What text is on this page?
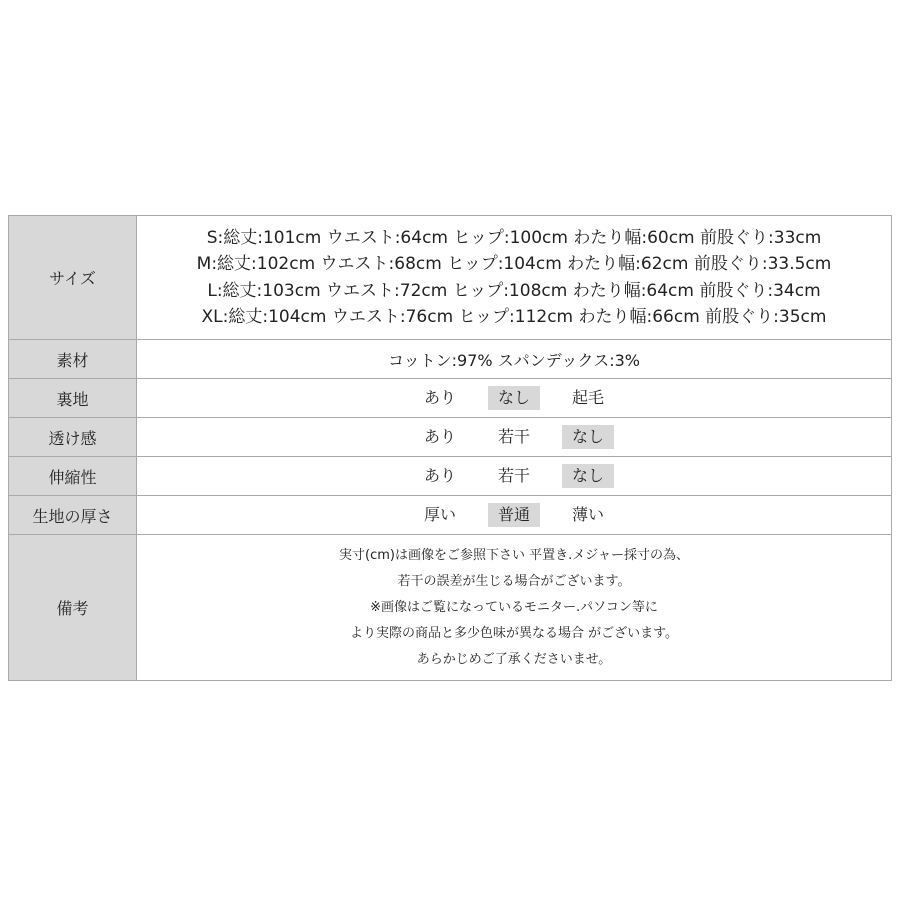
サイズ	S:総丈:101cm ウエスト:64cm ヒップ:100cm わたり幅:60cm 前股ぐり:33cm
M:総丈:102cm ウエスト:68cm ヒップ:104cm わたり幅:62cm 前股ぐり:33.5cm
L:総丈:103cm ウエスト:72cm ヒップ:108cm わたり幅:64cm 前股ぐり:34cm
XL:総丈:104cm ウエスト:76cm ヒップ:112cm わたり幅:66cm 前股ぐり:35cm

素材	コットン:97% スパンデックス:3%
裏地	あり なし 起毛

透け感	あり 若干 なし

伸縮性	あり 若干 なし

生地の厚さ	厚い 普通 薄い

備考	実寸(cm)は画像をご参照下さい 平置き.メジャー採寸の為、
若干の誤差が生じる場合がございます。
※画像はご覧になっているモニター.パソコン等に
より実際の商品と多少色味が異なる場合 がございます。
あらかじめご了承くださいませ。
